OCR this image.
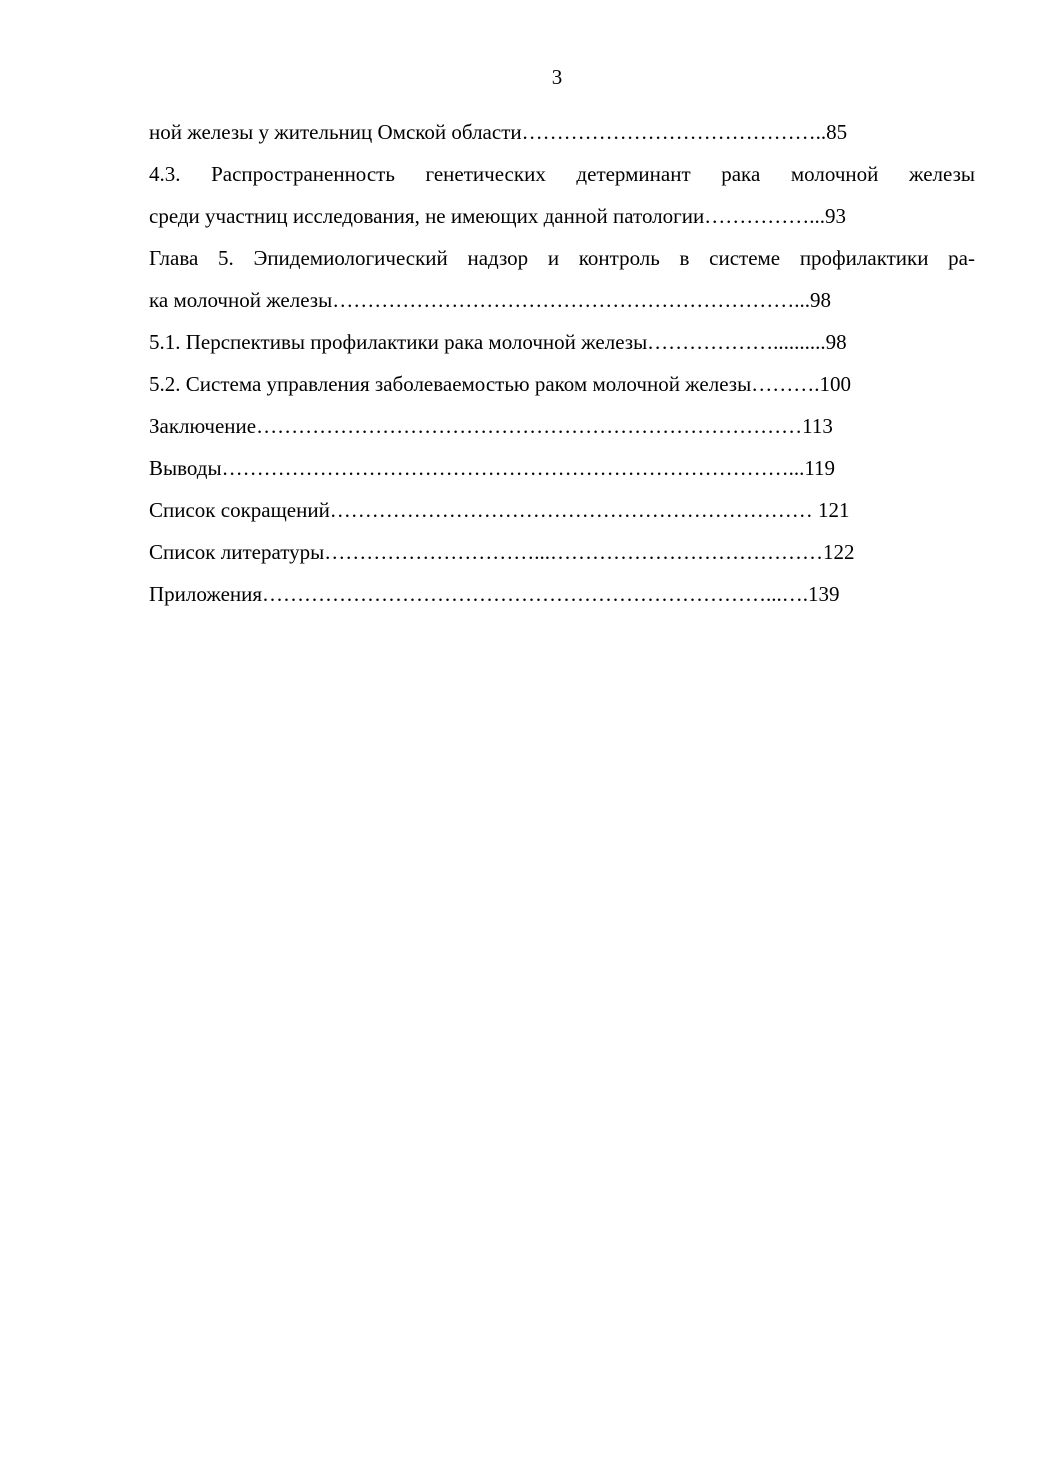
3
ной железы у жительниц Омской области……………………………………..85
4.3. Распространенность генетических детерминант рака молочной железы
среди участниц исследования, не имеющих данной патологии……………...93
Глава 5. Эпидемиологический надзор и контроль в системе профилактики ра-
ка молочной железы…………………………………………………………...98
5.1. Перспективы профилактики рака молочной железы………………..........98
5.2. Система управления заболеваемостью раком молочной железы……….100
Заключение……………………………………………………………………113
Выводы………………………………………………………………………...119
Список сокращений…………………………………………………………… 121
Список литературы…………………………...…………………………………122
Приложения………………………………………………………………...….139
